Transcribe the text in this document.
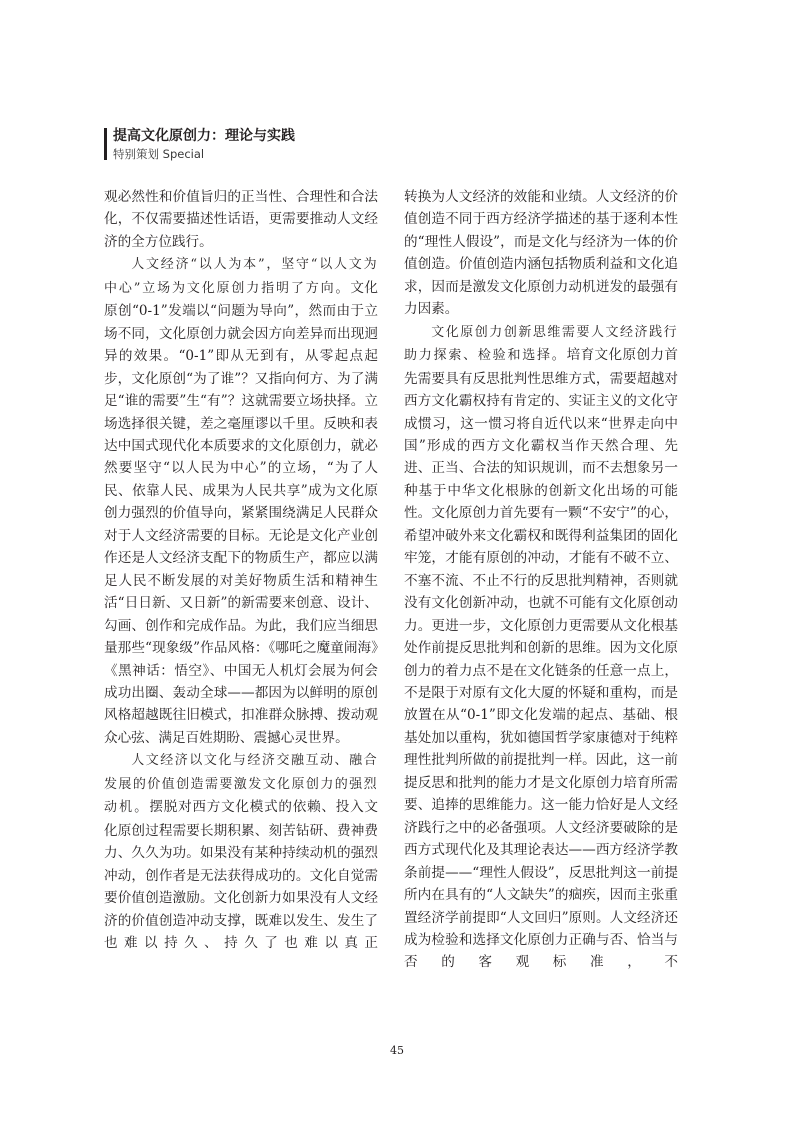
提高文化原创力：理论与实践
特别策划 Special

观必然性和价值旨归的正当性、合理性和合法化，不仅需要描述性话语，更需要推动人文经济的全方位践行。

人文经济“以人为本”，坚守“以人文为中心”立场为文化原创力指明了方向。文化原创“0-1”发端以“问题为导向”，然而由于立场不同，文化原创力就会因方向差异而出现迥异的效果。“0-1”即从无到有，从零起点起步，文化原创“为了谁”？又指向何方、为了满足“谁的需要”生“有”？这就需要立场抉择。立场选择很关键，差之毫厘谬以千里。反映和表达中国式现代化本质要求的文化原创力，就必然要坚守“以人民为中心”的立场，“为了人民、依靠人民、成果为人民共享”成为文化原创力强烈的价值导向，紧紧围绕满足人民群众对于人文经济需要的目标。无论是文化产业创作还是人文经济支配下的物质生产，都应以满足人民不断发展的对美好物质生活和精神生活“日日新、又日新”的新需要来创意、设计、勾画、创作和完成作品。为此，我们应当细思量那些“现象级”作品风格：《哪吒之魔童闹海》《黑神话：悟空》、中国无人机灯会展为何会成功出圈、轰动全球——都因为以鲜明的原创风格超越既往旧模式，扣准群众脉搏、拨动观众心弦、满足百姓期盼、震撼心灵世界。

人文经济以文化与经济交融互动、融合发展的价值创造需要激发文化原创力的强烈动机。摆脱对西方文化模式的依赖、投入文化原创过程需要长期积累、刻苦钻研、费神费力、久久为功。如果没有某种持续动机的强烈冲动，创作者是无法获得成功的。文化自觉需要价值创造激励。文化创新力如果没有人文经济的价值创造冲动支撑，既难以发生、发生了也难以持久、持久了也难以真正

转换为人文经济的效能和业绩。人文经济的价值创造不同于西方经济学描述的基于逐利本性的“理性人假设”，而是文化与经济为一体的价值创造。价值创造内涵包括物质利益和文化追求，因而是激发文化原创力动机迸发的最强有力因素。

文化原创力创新思维需要人文经济践行助力探索、检验和选择。培育文化原创力首先需要具有反思批判性思维方式，需要超越对西方文化霸权持有肯定的、实证主义的文化守成惯习，这一惯习将自近代以来“世界走向中国”形成的西方文化霸权当作天然合理、先进、正当、合法的知识规训，而不去想象另一种基于中华文化根脉的创新文化出场的可能性。文化原创力首先要有一颗“不安宁”的心，希望冲破外来文化霸权和既得利益集团的固化牢笼，才能有原创的冲动，才能有不破不立、不塞不流、不止不行的反思批判精神，否则就没有文化创新冲动，也就不可能有文化原创动力。更进一步，文化原创力更需要从文化根基处作前提反思批判和创新的思维。因为文化原创力的着力点不是在文化链条的任意一点上，不是限于对原有文化大厦的怀疑和重构，而是放置在从“0-1”即文化发端的起点、基础、根基处加以重构，犹如德国哲学家康德对于纯粹理性批判所做的前提批判一样。因此，这一前提反思和批判的能力才是文化原创力培育所需要、追捧的思维能力。这一能力恰好是人文经济践行之中的必备强项。人文经济要破除的是西方式现代化及其理论表达——西方经济学教条前提——“理性人假设”，反思批判这一前提所内在具有的“人文缺失”的痼疾，因而主张重置经济学前提即“人文回归”原则。人文经济还成为检验和选择文化原创力正确与否、恰当与否的客观标准，不

45
